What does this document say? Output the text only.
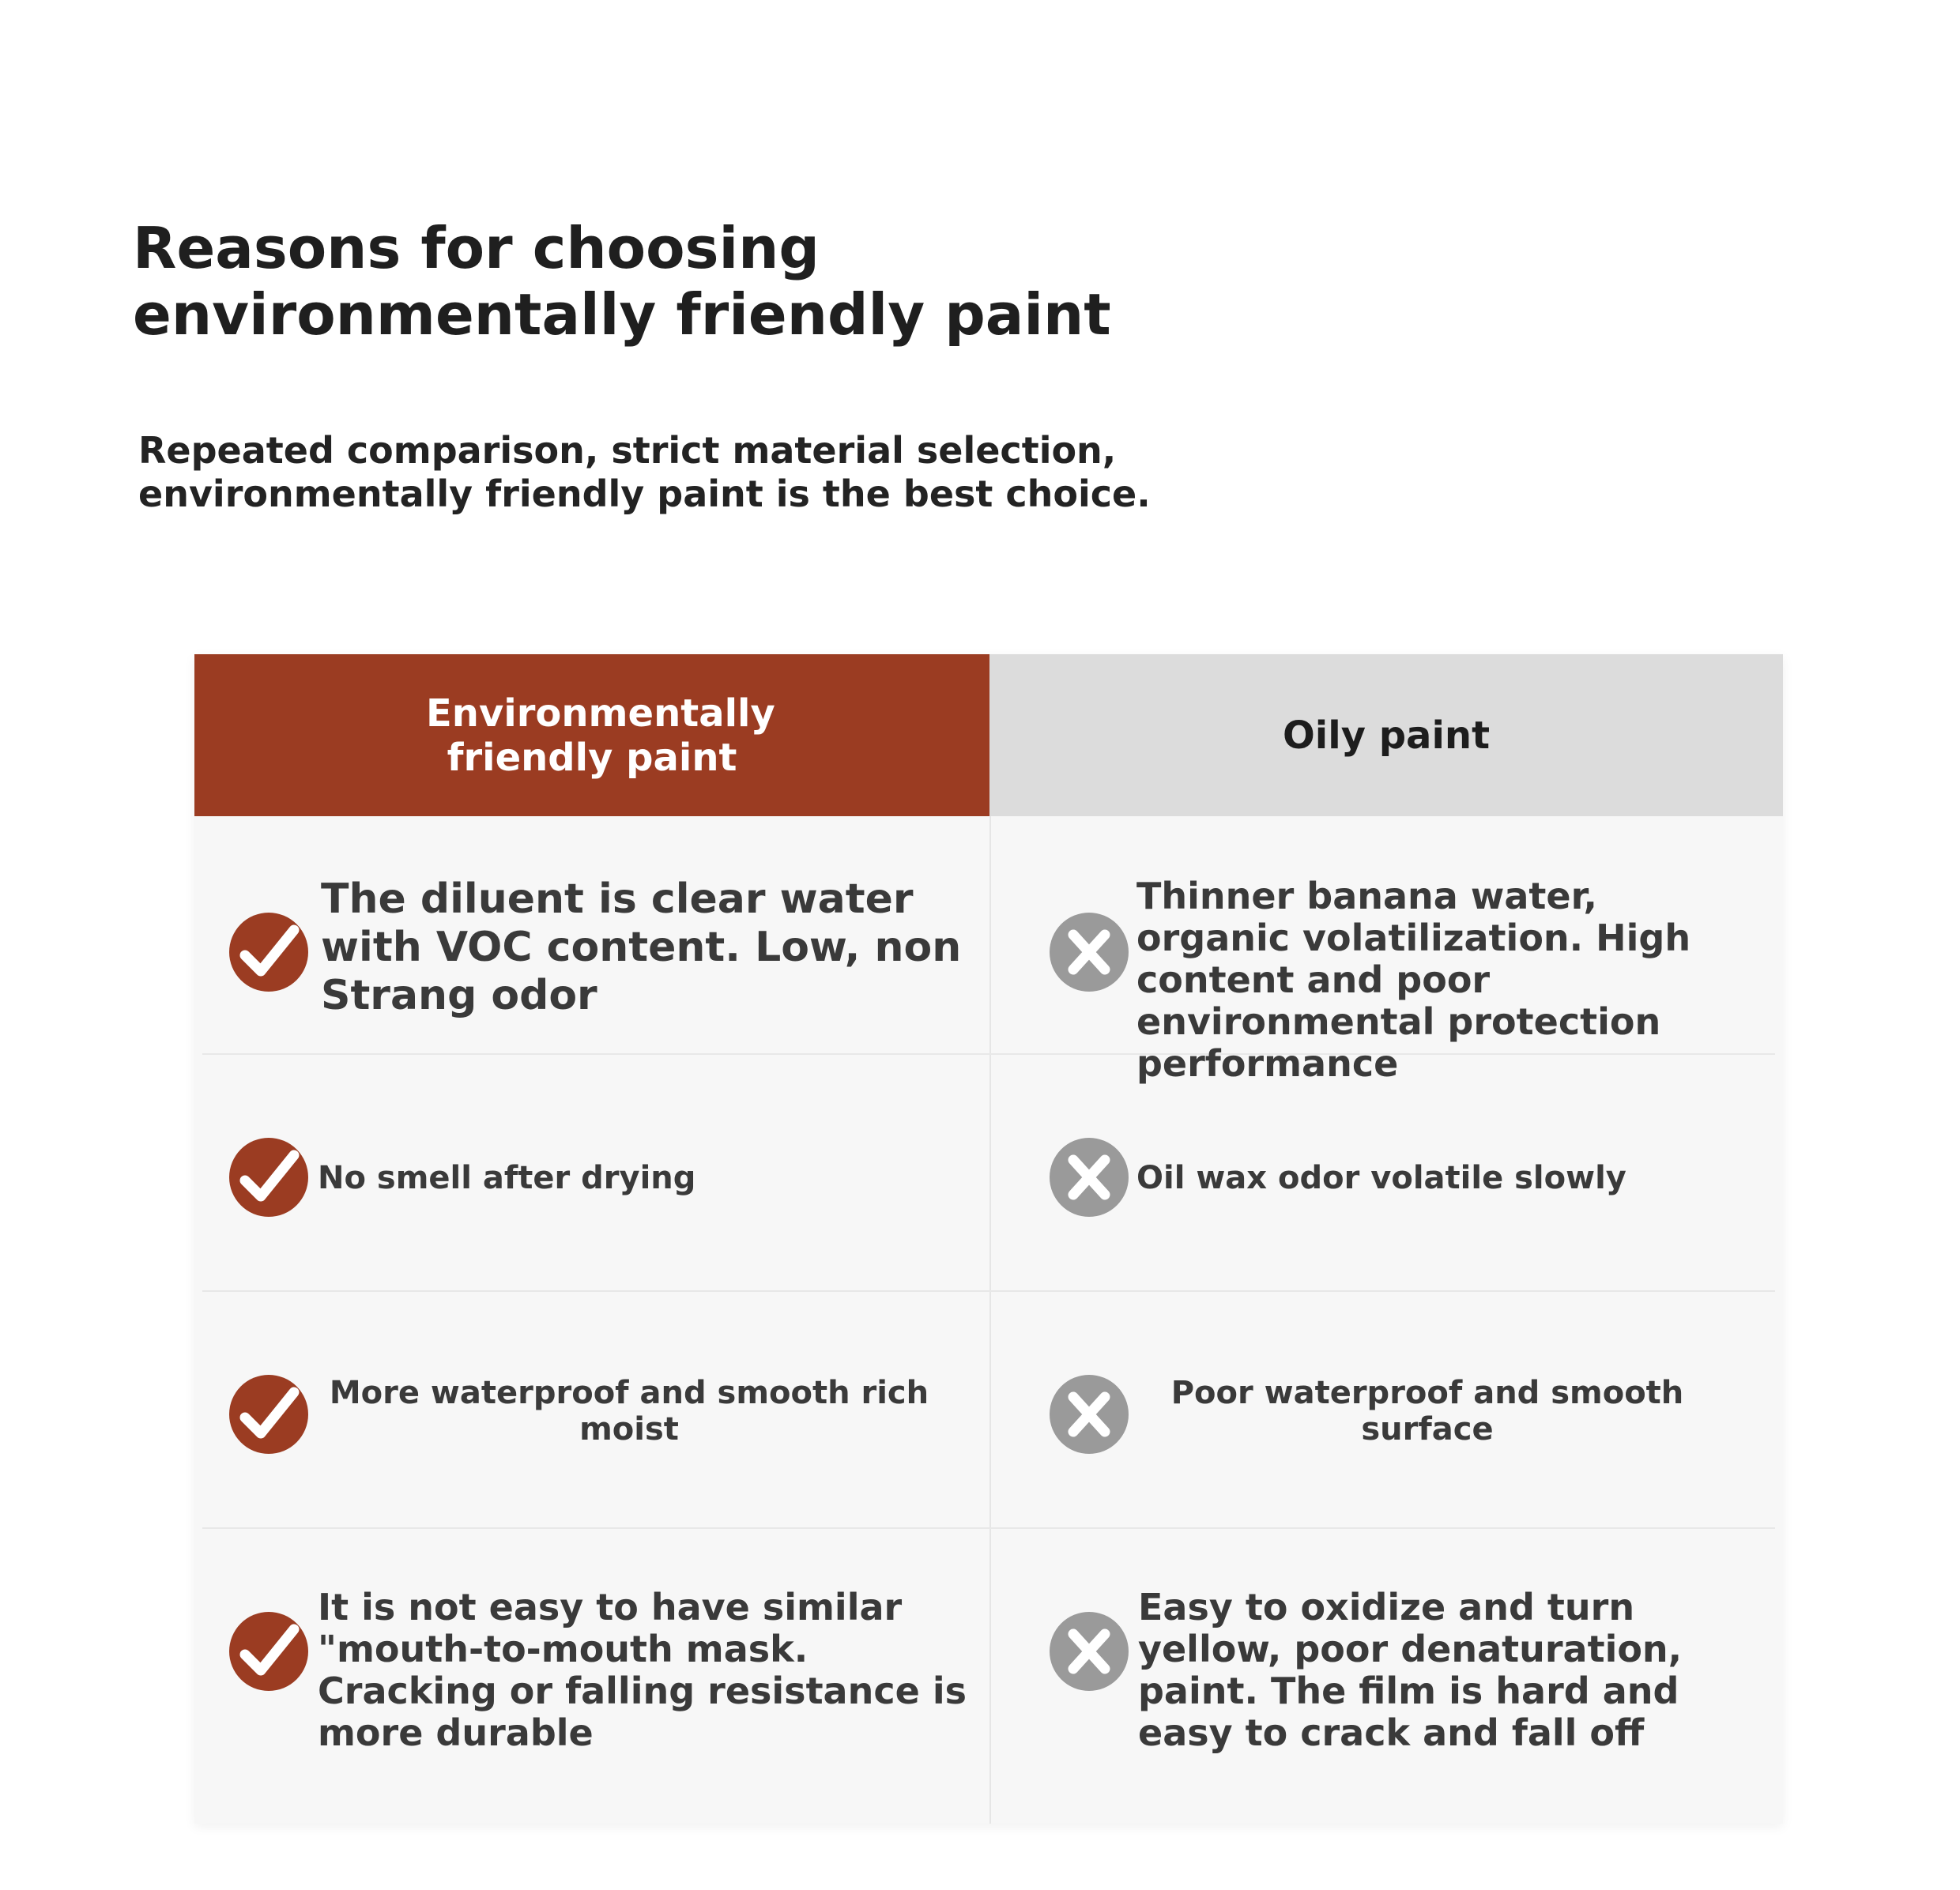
Reasons for choosing environmentally friendly paint

Repeated comparison, strict material selection, environmentally friendly paint is the best choice.

Environmentally friendly paint	Oily paint
The diluent is clear water with VOC content. Low, non Strang odor
Thinner banana water, organic volatilization. High content and poor environmental protection performance
No smell after drying	Oil wax odor volatile slowly
More waterproof and smooth rich moist
Poor waterproof and smooth surface
It is not easy to have similar "mouth-to-mouth mask. Cracking or falling resistance is more durable
Easy to oxidize and turn yellow, poor denaturation, paint. The film is hard and easy to crack and fall off
